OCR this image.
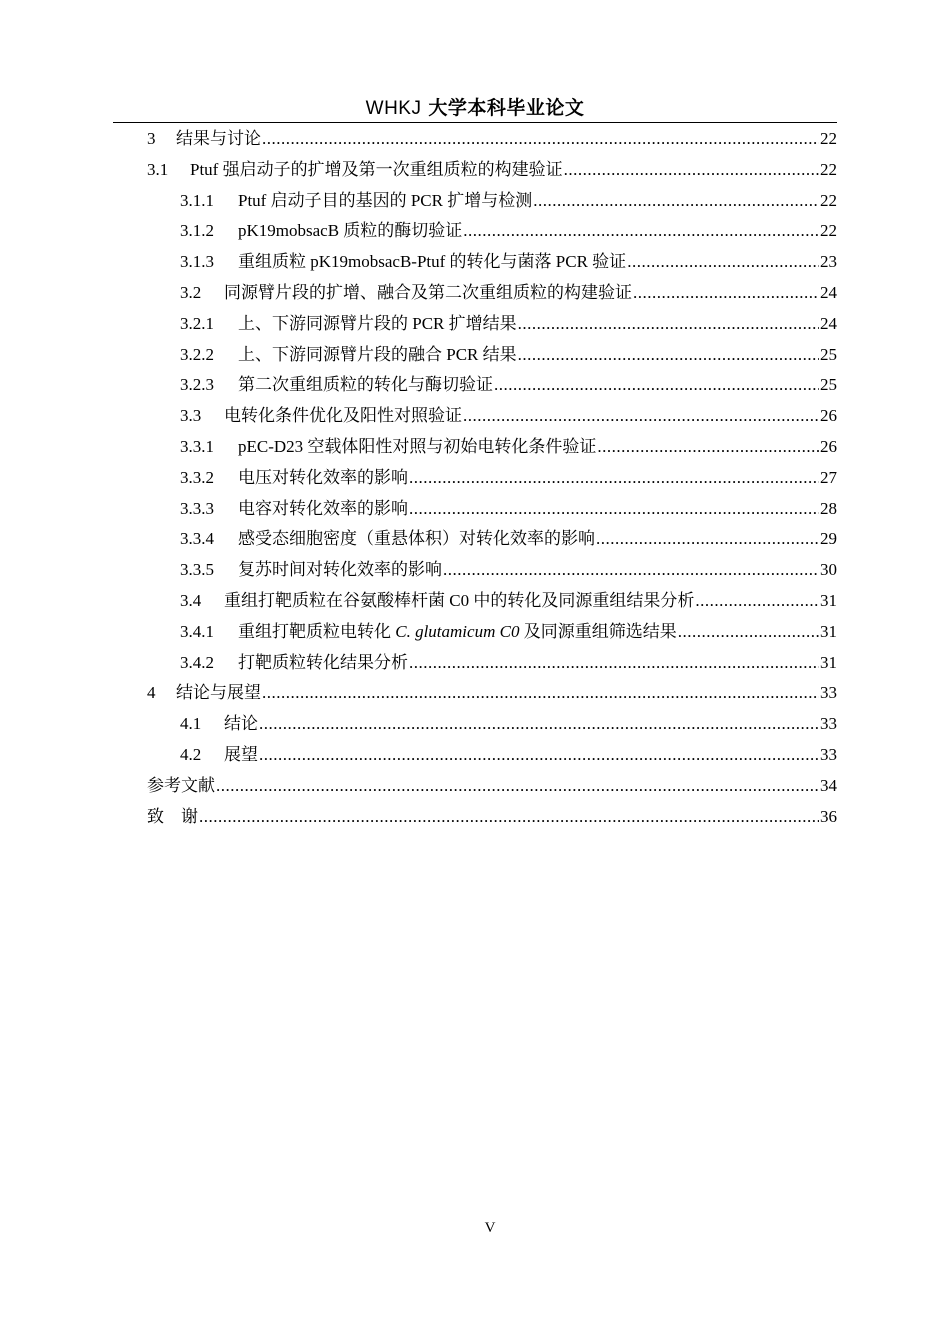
WHKJ 大学本科毕业论文
3	结果与讨论 .....	22
3.1	Ptuf 强启动子的扩增及第一次重组质粒的构建验证 .....	22
3.1.1	Ptuf 启动子目的基因的 PCR 扩增与检测 .....	22
3.1.2	pK19mobsacB 质粒的酶切验证 .....	22
3.1.3	重组质粒 pK19mobsacB-Ptuf 的转化与菌落 PCR 验证 .....	23
3.2	同源臂片段的扩增、融合及第二次重组质粒的构建验证 .....	24
3.2.1	上、下游同源臂片段的 PCR 扩增结果 .....	24
3.2.2	上、下游同源臂片段的融合 PCR 结果 .....	25
3.2.3	第二次重组质粒的转化与酶切验证 .....	25
3.3	电转化条件优化及阳性对照验证 .....	26
3.3.1	pEC-D23 空载体阳性对照与初始电转化条件验证 .....	26
3.3.2	电压对转化效率的影响 .....	27
3.3.3	电容对转化效率的影响 .....	28
3.3.4	感受态细胞密度（重悬体积）对转化效率的影响 .....	29
3.3.5	复苏时间对转化效率的影响 .....	30
3.4	重组打靶质粒在谷氨酸棒杆菌 C0 中的转化及同源重组结果分析 .....	31
3.4.1	重组打靶质粒电转化 C. glutamicum C0 及同源重组筛选结果 .....	31
3.4.2	打靶质粒转化结果分析 .....	31
4	结论与展望 .....	33
4.1	结论 .....	33
4.2	展望 .....	33
参考文献 .....	34
致　谢 .....	36
V
